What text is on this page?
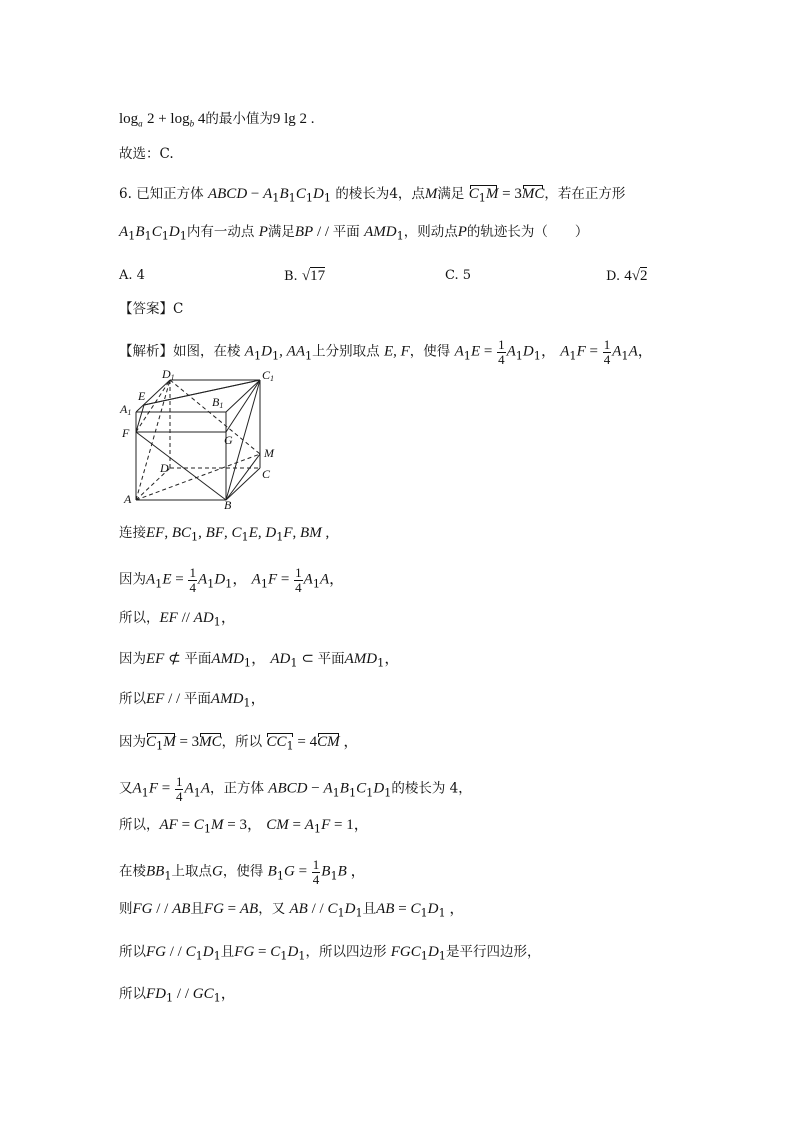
$\log_a 2 + \log_b 4$的最小值为9 lg 2 .
故选：C.
6. 已知正方体 ABCD − $A_1B_1C_1D_1$ 的棱长为4，点M满足 $C_1M = 3MC$，若在正方形
$A_1B_1C_1D_1$内有一动点 P满足BP / / 平面 $AMD_1$，则动点P的轨迹长为（　　）
A. 4	B. √17	C. 5	D. 4√2
【答案】C
【解析】如图，在棱 $A_1D_1$, $AA_1$上分别取点 E, F，使得 $A_1E = \frac{1}{4} A_1D_1$， $A_1F = \frac{1}{4} A_1A$，
D1	C1
E	B1
A1
F	G
M
D	C
A	B
连接EF, $BC_1$, BF, $C_1E$, $D_1F$, BM ,
因为$A_1E = \frac{1}{4} A_1D_1$， $A_1F = \frac{1}{4} A_1A$，
所以，EF // $AD_1$，
因为EF ⊄ 平面$AMD_1$， $AD_1$ ⊂ 平面$AMD_1$，
所以EF / / 平面$AMD_1$，
因为$C_1M = 3MC$，所以 $CC_1 = 4CM$ ，
又$A_1F = \frac{1}{4} A_1A$，正方体 ABCD − $A_1B_1C_1D_1$的棱长为 4，
所以，AF = $C_1M = 3$， CM = $A_1F = 1$，
在棱$BB_1$上取点G，使得 $B_1G = \frac{1}{4} B_1B$ ，
则FG / / AB且FG = AB，又 AB / / $C_1D_1$且AB = $C_1D_1$ ，
所以FG / / $C_1D_1$且FG = $C_1D_1$，所以四边形 $FGC_1D_1$是平行四边形，
所以$FD_1$ / / $GC_1$，
